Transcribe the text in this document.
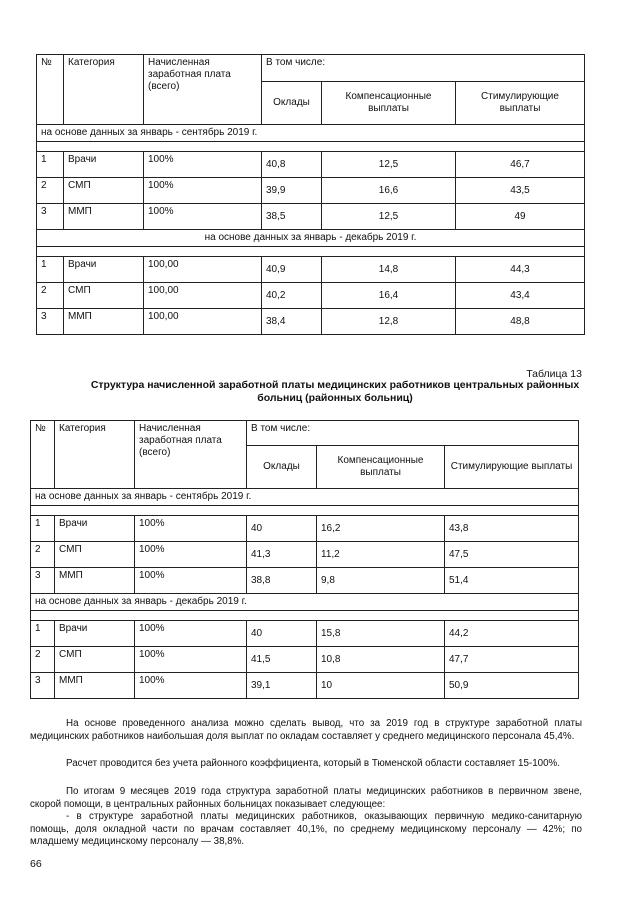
№	Категория	Начисленная заработная плата (всего)	В том числе:		
			Оклады	Компенсационные выплаты	Стимулирующие выплаты
на основе данных за январь - сентябрь 2019 г.					

1	Врачи	100%	40,8	12,5	46,7
2	СМП	100%	39,9	16,6	43,5
3	ММП	100%	38,5	12,5	49
на основе данных за январь - декабрь 2019 г.					

1	Врачи	100,00	40,9	14,8	44,3
2	СМП	100,00	40,2	16,4	43,4
3	ММП	100,00	38,4	12,8	48,8
Таблица 13
Структура начисленной заработной платы медицинских работников центральных районных больниц (районных больниц)
№	Категория	Начисленная заработная плата (всего)	В том числе:		
			Оклады	Компенсационные выплаты	Стимулирующие выплаты
на основе данных за январь - сентябрь 2019 г.					

1	Врачи	100%	40	16,2	43,8
2	СМП	100%	41,3	11,2	47,5
3	ММП	100%	38,8	9,8	51,4
на основе данных за январь - декабрь 2019 г.					

1	Врачи	100%	40	15,8	44,2
2	СМП	100%	41,5	10,8	47,7
3	ММП	100%	39,1	10	50,9
На основе проведенного анализа можно сделать вывод, что за 2019 год в структуре заработной платы медицинских работников наибольшая доля выплат по окладам составляет у среднего медицинского персонала 45,4%.
Расчет проводится без учета районного коэффициента, который в Тюменской области составляет 15-100%.
По итогам 9 месяцев 2019 года структура заработной платы медицинских работников в первичном звене, скорой помощи, в центральных районных больницах показывает следующее:
- в структуре заработной платы медицинских работников, оказывающих первичную медико-санитарную помощь, доля окладной части по врачам составляет 40,1%, по среднему медицинскому персоналу — 42%; по младшему медицинскому персоналу — 38,8%.
66
